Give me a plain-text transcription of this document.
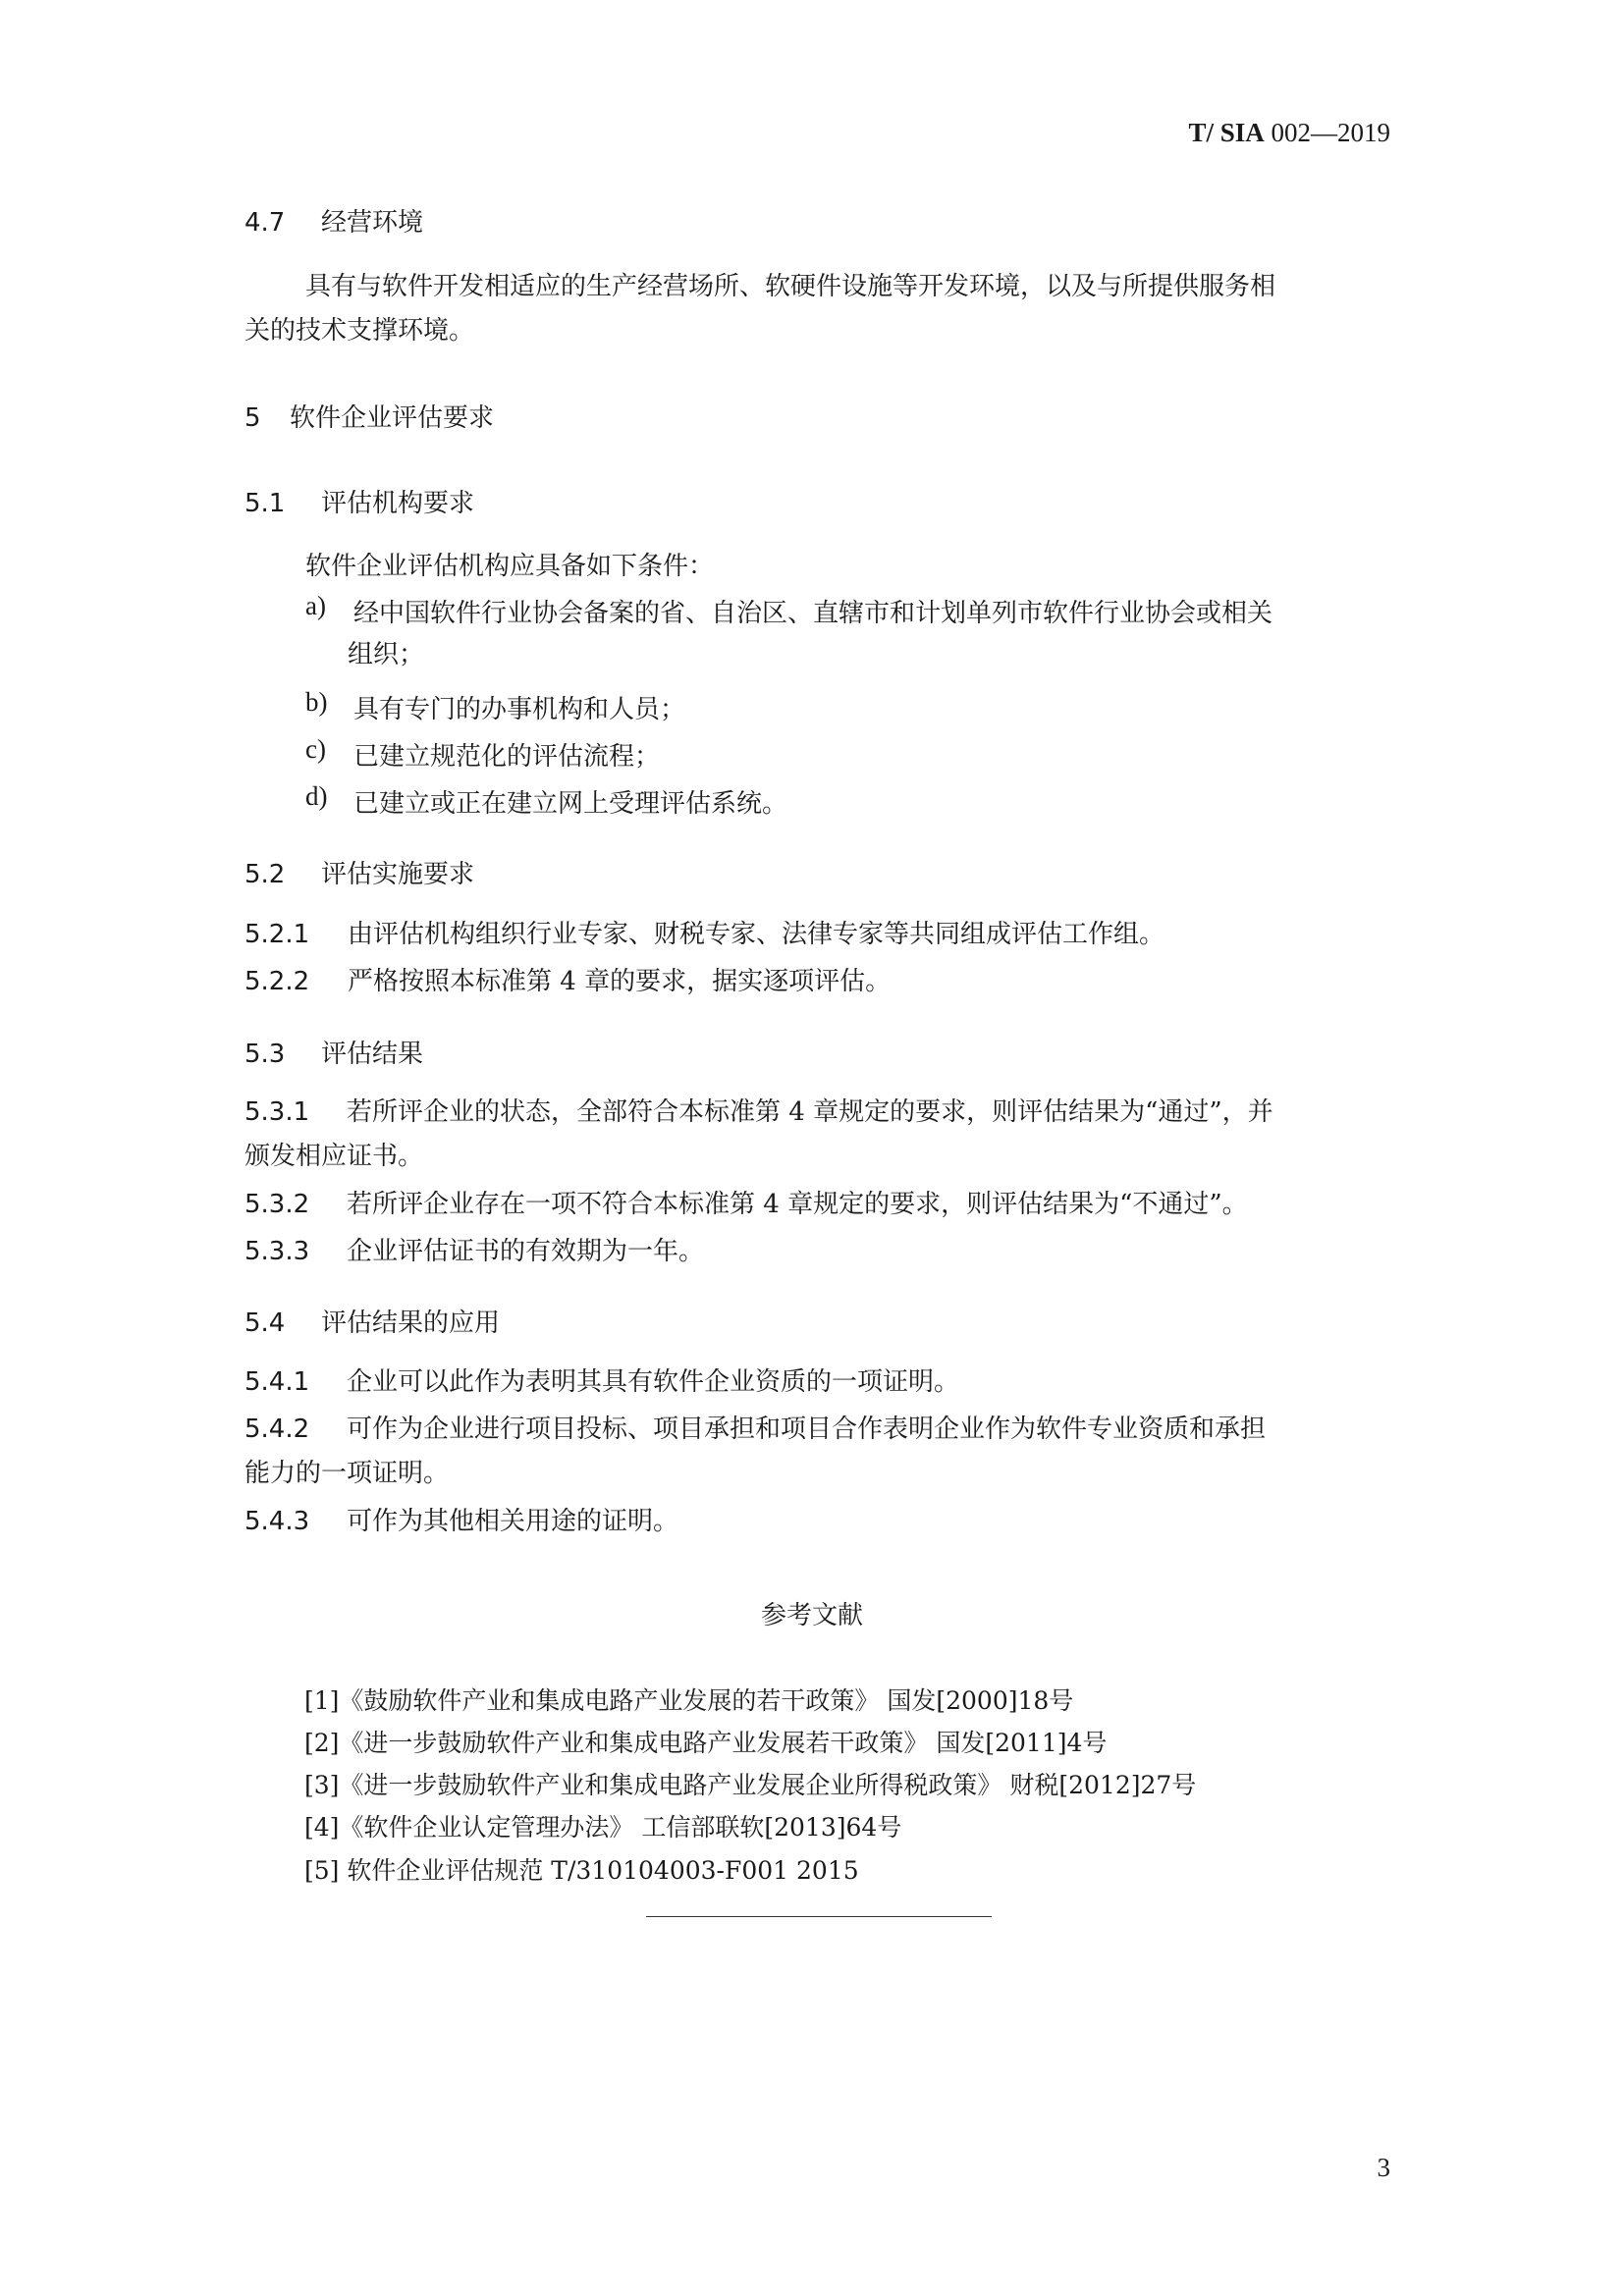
T/ SIA 002—2019
4.7 经营环境
具有与软件开发相适应的生产经营场所、软硬件设施等开发环境，以及与所提供服务相
关的技术支撑环境。
5 软件企业评估要求
5.1 评估机构要求
软件企业评估机构应具备如下条件：
a) 经中国软件行业协会备案的省、自治区、直辖市和计划单列市软件行业协会或相关
组织；
b) 具有专门的办事机构和人员；
c) 已建立规范化的评估流程；
d) 已建立或正在建立网上受理评估系统。
5.2 评估实施要求
5.2.1 由评估机构组织行业专家、财税专家、法律专家等共同组成评估工作组。
5.2.2 严格按照本标准第 4 章的要求，据实逐项评估。
5.3 评估结果
5.3.1 若所评企业的状态，全部符合本标准第 4 章规定的要求，则评估结果为“通过”，并
颁发相应证书。
5.3.2 若所评企业存在一项不符合本标准第 4 章规定的要求，则评估结果为“不通过”。
5.3.3 企业评估证书的有效期为一年。
5.4 评估结果的应用
5.4.1 企业可以此作为表明其具有软件企业资质的一项证明。
5.4.2 可作为企业进行项目投标、项目承担和项目合作表明企业作为软件专业资质和承担
能力的一项证明。
5.4.3 可作为其他相关用途的证明。
参考文献
[1]《鼓励软件产业和集成电路产业发展的若干政策》 国发[2000]18号
[2]《进一步鼓励软件产业和集成电路产业发展若干政策》 国发[2011]4号
[3]《进一步鼓励软件产业和集成电路产业发展企业所得税政策》 财税[2012]27号
[4]《软件企业认定管理办法》 工信部联软[2013]64号
[5] 软件企业评估规范 T/310104003-F001 2015
3
